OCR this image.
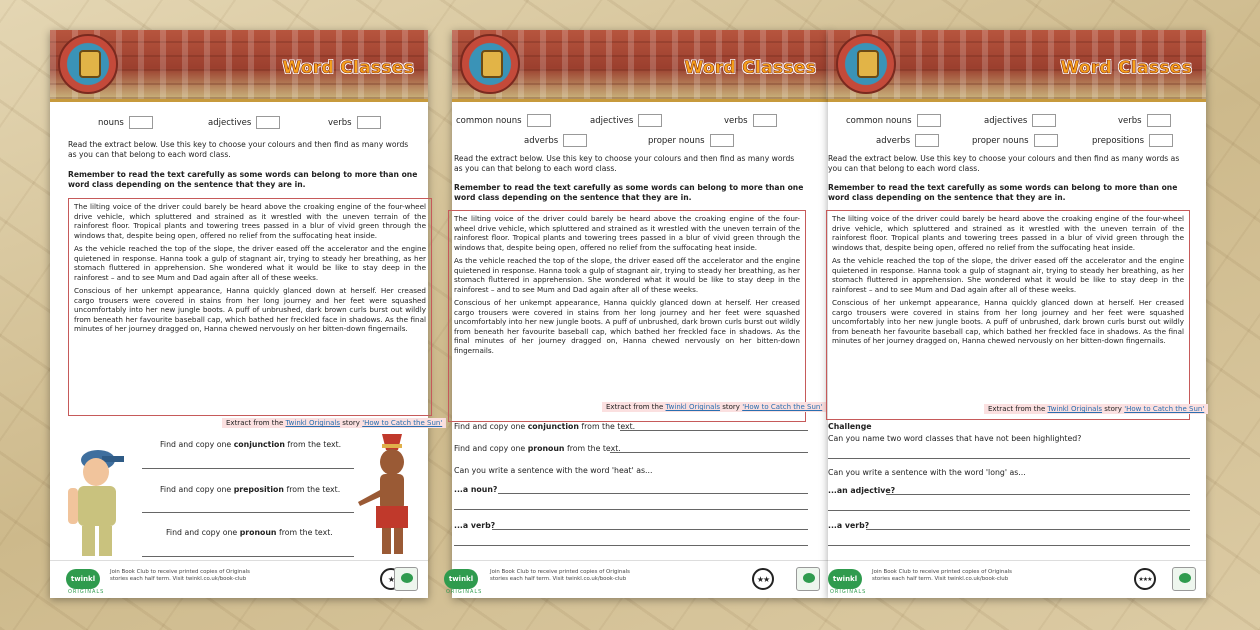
Word Classes
nouns	adjectives	verbs
Read the extract below. Use this key to choose your colours and then find as many words as you can that belong to each word class.
Remember to read the text carefully as some words can belong to more than one word class depending on the sentence that they are in.

The lilting voice of the driver could barely be heard above the croaking engine of the four-wheel drive vehicle, which spluttered and strained as it wrestled with the uneven terrain of the rainforest floor. Tropical plants and towering trees passed in a blur of vivid green through the windows that, despite being open, offered no relief from the suffocating heat inside.

As the vehicle reached the top of the slope, the driver eased off the accelerator and the engine quietened in response. Hanna took a gulp of stagnant air, trying to steady her breathing, as her stomach fluttered in apprehension. She wondered what it would be like to stay deep in the rainforest – and to see Mum and Dad again after all of these weeks.

Conscious of her unkempt appearance, Hanna quickly glanced down at herself. Her creased cargo trousers were covered in stains from her long journey and her feet were squashed uncomfortably into her new jungle boots. A puff of unbrushed, dark brown curls burst out wildly from beneath her favourite baseball cap, which bathed her freckled face in shadows. As the final minutes of her journey dragged on, Hanna chewed nervously on her bitten-down fingernails.

Extract from the Twinkl Originals story 'How to Catch the Sun'
Find and copy one conjunction from the text.
Find and copy one preposition from the text.
Find and copy one pronoun from the text.
twinkl
ORIGINALS
Join Book Club to receive printed copies of Originals stories each half term. Visit twinkl.co.uk/book-club	★
Word Classes
common nouns	adjectives	verbs
adverbs	proper nouns
Read the extract below. Use this key to choose your colours and then find as many words as you can that belong to each word class.
Remember to read the text carefully as some words can belong to more than one word class depending on the sentence that they are in.

The lilting voice of the driver could barely be heard above the croaking engine of the four-wheel drive vehicle, which spluttered and strained as it wrestled with the uneven terrain of the rainforest floor. Tropical plants and towering trees passed in a blur of vivid green through the windows that, despite being open, offered no relief from the suffocating heat inside.

As the vehicle reached the top of the slope, the driver eased off the accelerator and the engine quietened in response. Hanna took a gulp of stagnant air, trying to steady her breathing, as her stomach fluttered in apprehension. She wondered what it would be like to stay deep in the rainforest – and to see Mum and Dad again after all of these weeks.

Conscious of her unkempt appearance, Hanna quickly glanced down at herself. Her creased cargo trousers were covered in stains from her long journey and her feet were squashed uncomfortably into her new jungle boots. A puff of unbrushed, dark brown curls burst out wildly from beneath her favourite baseball cap, which bathed her freckled face in shadows. As the final minutes of her journey dragged on, Hanna chewed nervously on her bitten-down fingernails.

Extract from the Twinkl Originals story 'How to Catch the Sun'
Find and copy one conjunction from the text.
Find and copy one pronoun from the text.
Can you write a sentence with the word 'heat' as...
...a noun?
...a verb?
twinkl
ORIGINALS
Join Book Club to receive printed copies of Originals stories each half term. Visit twinkl.co.uk/book-club	★★
Word Classes
common nouns	adjectives	verbs
adverbs	proper nouns	prepositions
Read the extract below. Use this key to choose your colours and then find as many words as you can that belong to each word class.
Remember to read the text carefully as some words can belong to more than one word class depending on the sentence that they are in.

The lilting voice of the driver could barely be heard above the croaking engine of the four-wheel drive vehicle, which spluttered and strained as it wrestled with the uneven terrain of the rainforest floor. Tropical plants and towering trees passed in a blur of vivid green through the windows that, despite being open, offered no relief from the suffocating heat inside.

As the vehicle reached the top of the slope, the driver eased off the accelerator and the engine quietened in response. Hanna took a gulp of stagnant air, trying to steady her breathing, as her stomach fluttered in apprehension. She wondered what it would be like to stay deep in the rainforest – and to see Mum and Dad again after all of these weeks.

Conscious of her unkempt appearance, Hanna quickly glanced down at herself. Her creased cargo trousers were covered in stains from her long journey and her feet were squashed uncomfortably into her new jungle boots. A puff of unbrushed, dark brown curls burst out wildly from beneath her favourite baseball cap, which bathed her freckled face in shadows. As the final minutes of her journey dragged on, Hanna chewed nervously on her bitten-down fingernails.

Extract from the Twinkl Originals story 'How to Catch the Sun'
Challenge
Can you name two word classes that have not been highlighted?
Can you write a sentence with the word 'long' as...
...an adjective?
...a verb?
twinkl
ORIGINALS
Join Book Club to receive printed copies of Originals stories each half term. Visit twinkl.co.uk/book-club	★★★
